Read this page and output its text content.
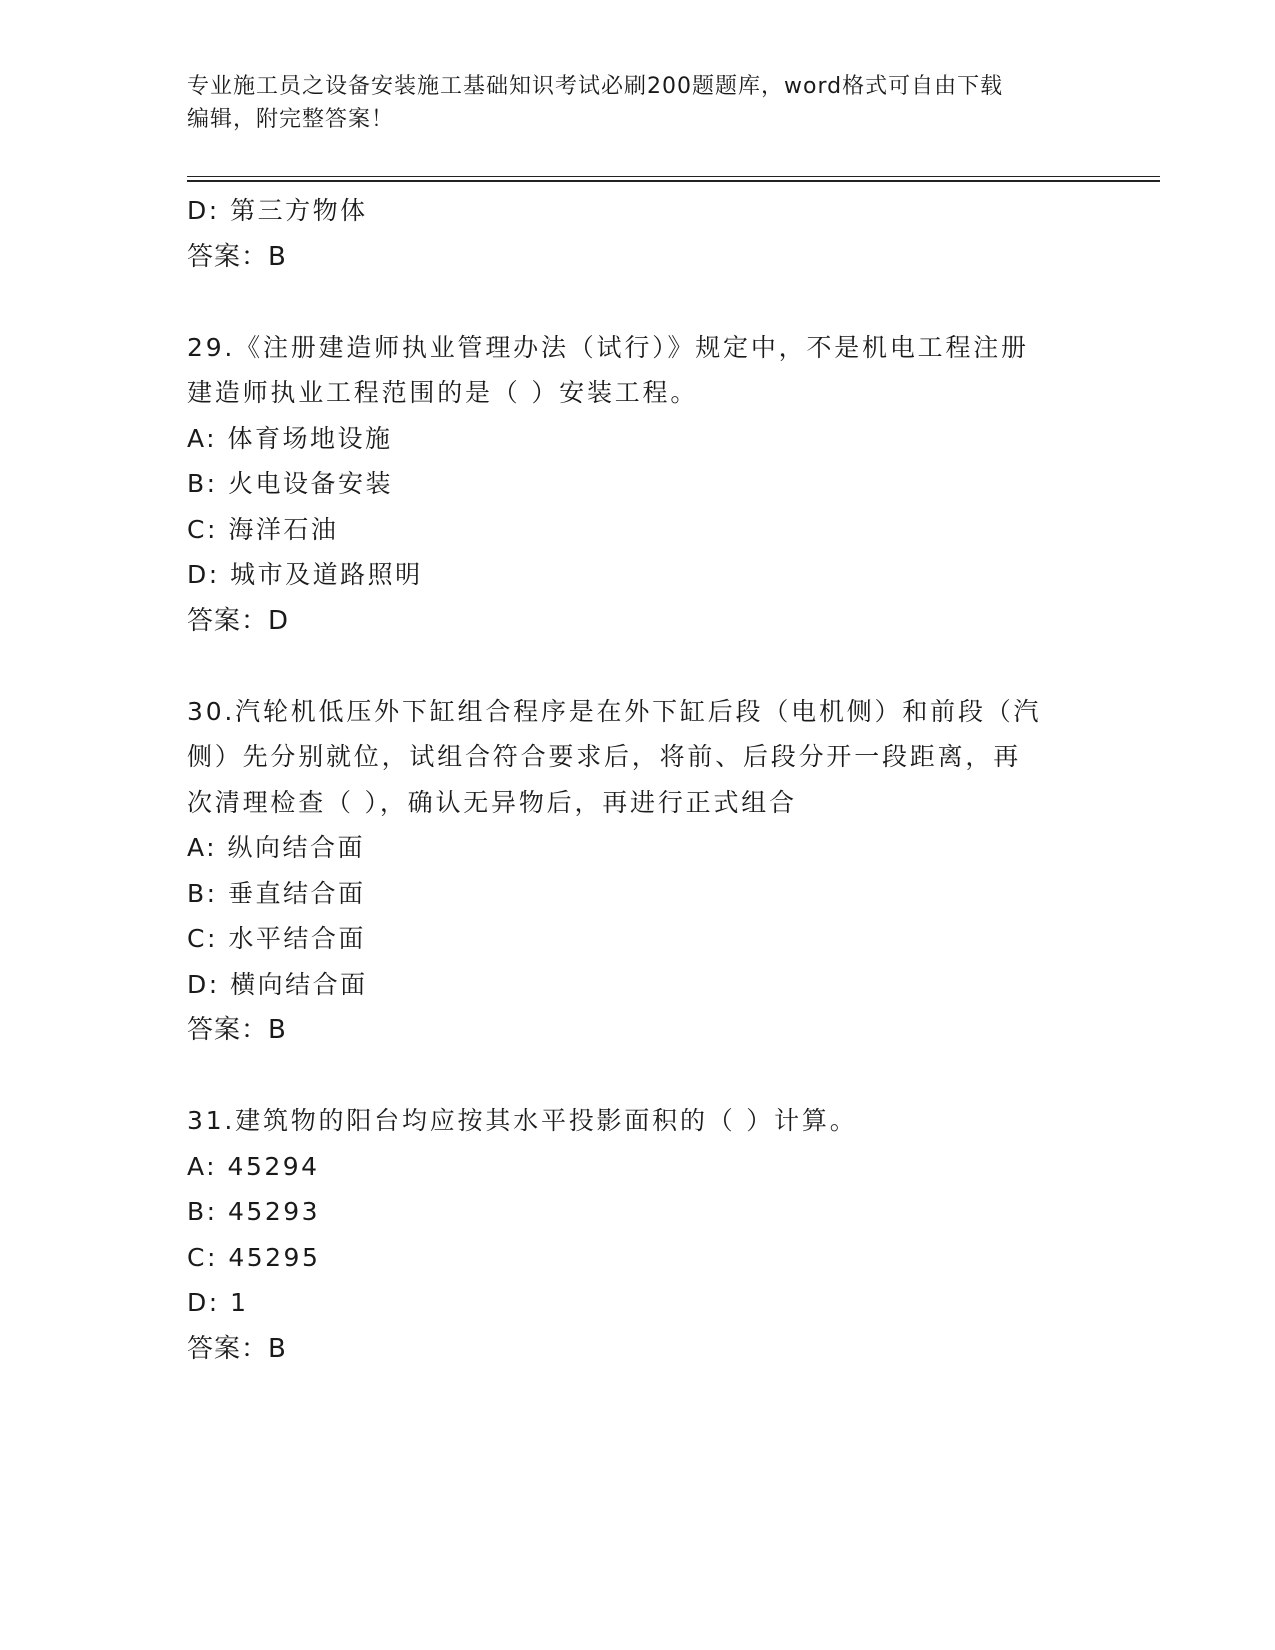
专业施工员之设备安装施工基础知识考试必刷200题题库，word格式可自由下载
编辑，附完整答案！
D: 第三方物体
答案：B
29.《注册建造师执业管理办法（试行）》规定中，不是机电工程注册
建造师执业工程范围的是（ ）安装工程。
A: 体育场地设施
B: 火电设备安装
C: 海洋石油
D: 城市及道路照明
答案：D
30.汽轮机低压外下缸组合程序是在外下缸后段（电机侧）和前段（汽
侧）先分别就位，试组合符合要求后，将前、后段分开一段距离，再
次清理检查（ ），确认无异物后，再进行正式组合
A: 纵向结合面
B: 垂直结合面
C: 水平结合面
D: 横向结合面
答案：B
31.建筑物的阳台均应按其水平投影面积的（ ）计算。
A: 45294
B: 45293
C: 45295
D: 1
答案：B
